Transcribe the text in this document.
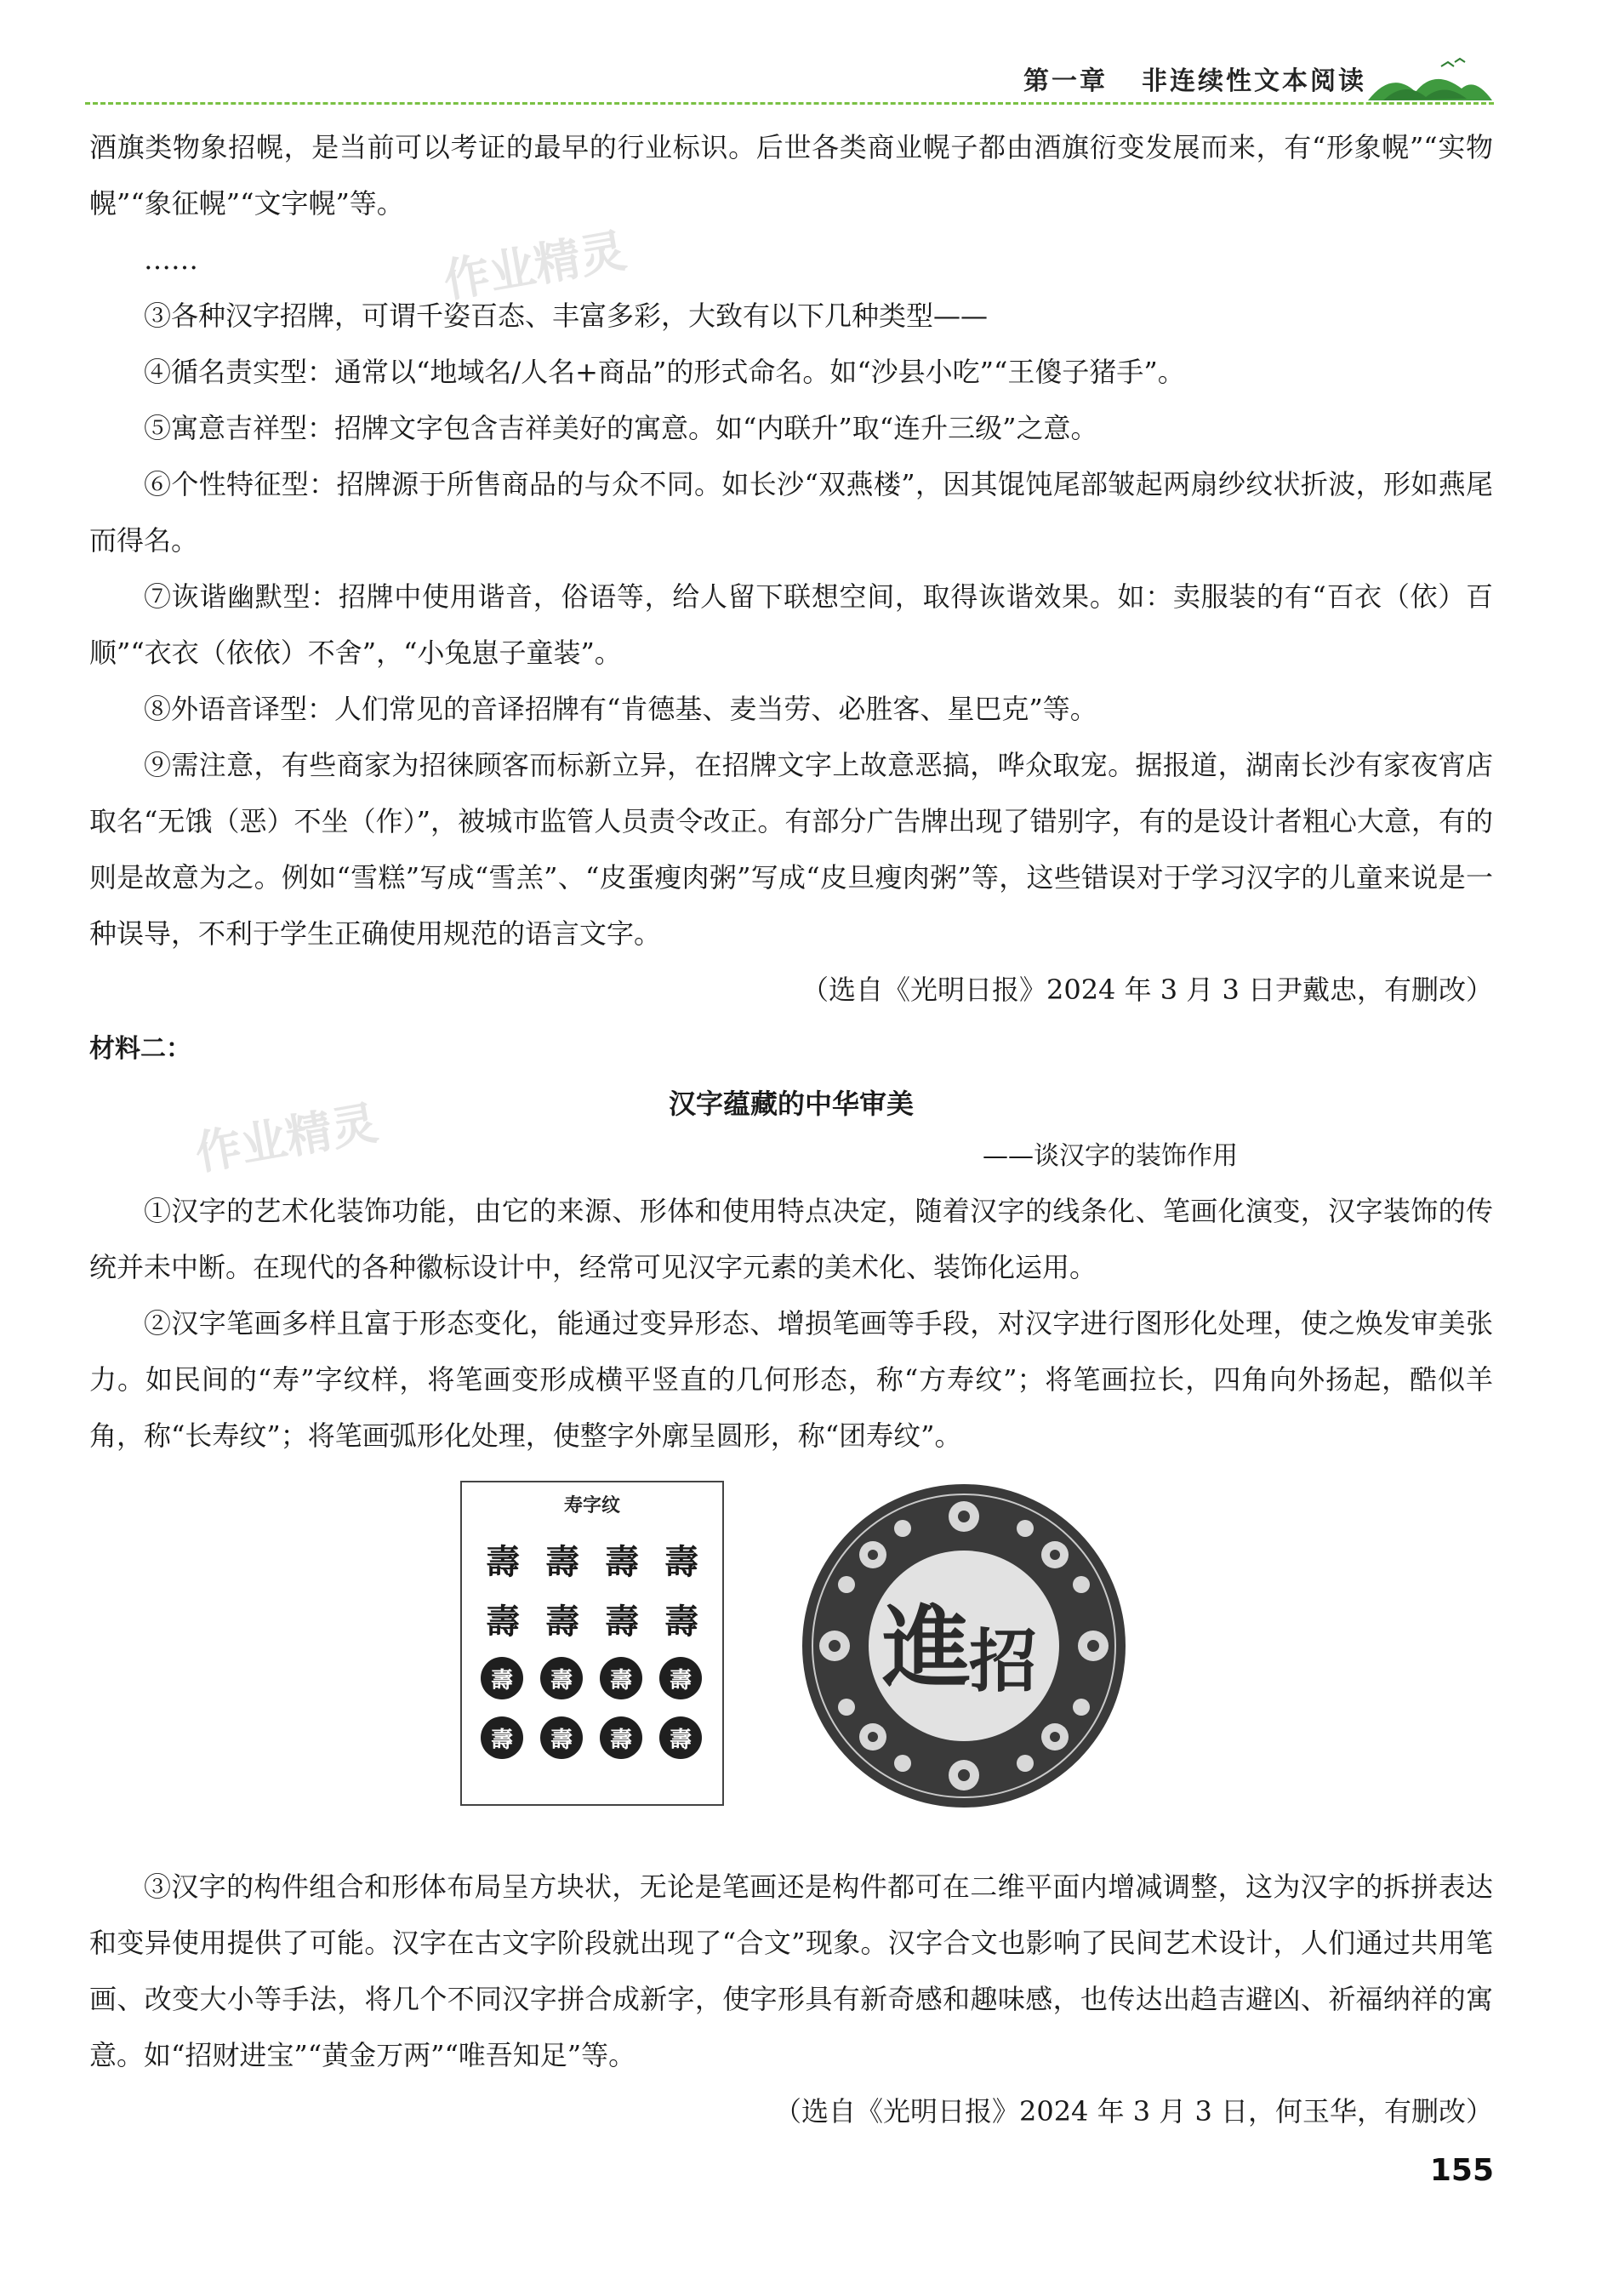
第一章 非连续性文本阅读
作业精灵
作业精灵

酒旗类物象招幌，是当前可以考证的最早的行业标识。后世各类商业幌子都由酒旗衍变发展而来，有“形象幌”“实物幌”“象征幌”“文字幌”等。

……

③各种汉字招牌，可谓千姿百态、丰富多彩，大致有以下几种类型——

④循名责实型：通常以“地域名/人名+商品”的形式命名。如“沙县小吃”“王傻子猪手”。

⑤寓意吉祥型：招牌文字包含吉祥美好的寓意。如“内联升”取“连升三级”之意。

⑥个性特征型：招牌源于所售商品的与众不同。如长沙“双燕楼”，因其馄饨尾部皱起两扇纱纹状折波，形如燕尾而得名。

⑦诙谐幽默型：招牌中使用谐音，俗语等，给人留下联想空间，取得诙谐效果。如：卖服装的有“百衣（依）百顺”“衣衣（依依）不舍”，“小兔崽子童装”。

⑧外语音译型：人们常见的音译招牌有“肯德基、麦当劳、必胜客、星巴克”等。

⑨需注意，有些商家为招徕顾客而标新立异，在招牌文字上故意恶搞，哗众取宠。据报道，湖南长沙有家夜宵店取名“无饿（恶）不坐（作）”，被城市监管人员责令改正。有部分广告牌出现了错别字，有的是设计者粗心大意，有的则是故意为之。例如“雪糕”写成“雪羔”、“皮蛋瘦肉粥”写成“皮旦瘦肉粥”等，这些错误对于学习汉字的儿童来说是一种误导，不利于学生正确使用规范的语言文字。

（选自《光明日报》2024 年 3 月 3 日尹戴忠，有删改）

材料二：
汉字蕴藏的中华审美
——谈汉字的装饰作用

①汉字的艺术化装饰功能，由它的来源、形体和使用特点决定，随着汉字的线条化、笔画化演变，汉字装饰的传统并未中断。在现代的各种徽标设计中，经常可见汉字元素的美术化、装饰化运用。

②汉字笔画多样且富于形态变化，能通过变异形态、增损笔画等手段，对汉字进行图形化处理，使之焕发审美张力。如民间的“寿”字纹样，将笔画变形成横平竖直的几何形态，称“方寿纹”；将笔画拉长，四角向外扬起，酷似羊角，称“长寿纹”；将笔画弧形化处理，使整字外廓呈圆形，称“团寿纹”。

寿字纹
壽 壽 壽 壽
壽 壽 壽 壽
壽	壽	壽	壽
壽	壽	壽	壽
進
招

③汉字的构件组合和形体布局呈方块状，无论是笔画还是构件都可在二维平面内增减调整，这为汉字的拆拼表达和变异使用提供了可能。汉字在古文字阶段就出现了“合文”现象。汉字合文也影响了民间艺术设计，人们通过共用笔画、改变大小等手法，将几个不同汉字拼合成新字，使字形具有新奇感和趣味感，也传达出趋吉避凶、祈福纳祥的寓意。如“招财进宝”“黄金万两”“唯吾知足”等。

（选自《光明日报》2024 年 3 月 3 日，何玉华，有删改）

155
